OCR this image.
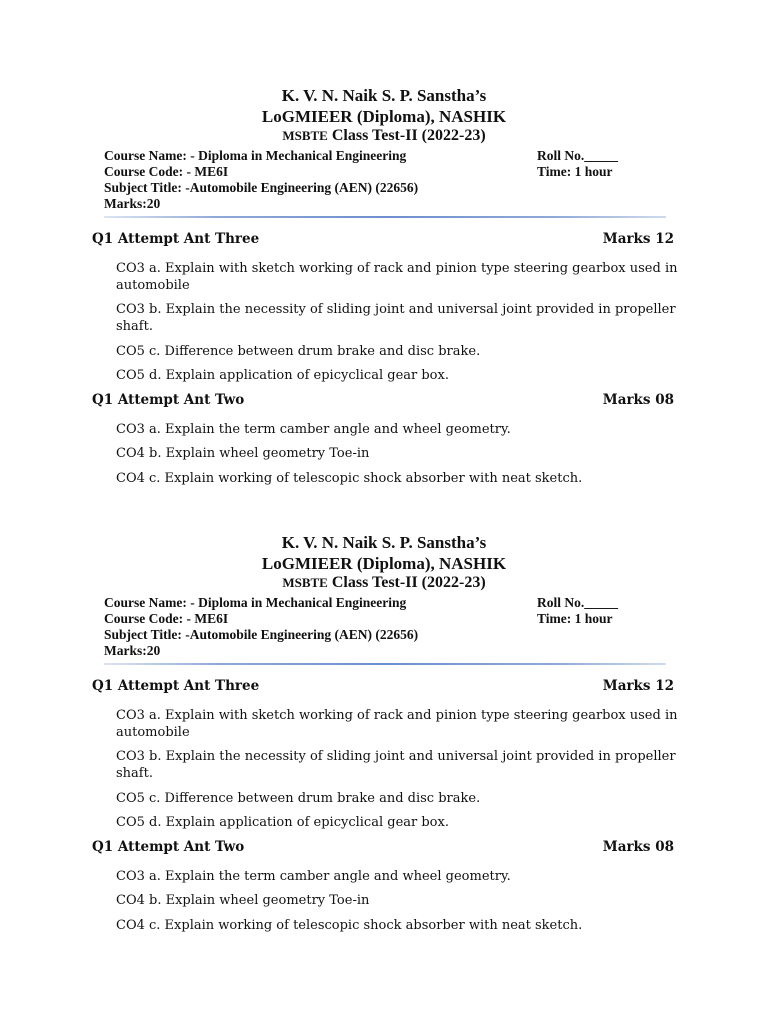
K. V. N. Naik S. P. Sanstha’s
LoGMIEER (Diploma), NASHIK
MSBTE Class Test-II (2022-23)
Course Name: - Diploma in Mechanical Engineering
Course Code: - ME6I
Subject Title: -Automobile Engineering (AEN) (22656)
Marks:20
Roll No._____
Time: 1 hour
Q1 Attempt Ant Three	Marks 12
CO3 a. Explain with sketch working of rack and pinion type steering gearbox used in automobile
CO3 b. Explain the necessity of sliding joint and universal joint provided in propeller shaft.
CO5 c. Difference between drum brake and disc brake.
CO5 d. Explain application of epicyclical gear box.
Q1 Attempt Ant Two	Marks 08
CO3 a. Explain the term camber angle and wheel geometry.
CO4 b. Explain wheel geometry Toe-in
CO4 c. Explain working of telescopic shock absorber with neat sketch.
K. V. N. Naik S. P. Sanstha’s
LoGMIEER (Diploma), NASHIK
MSBTE Class Test-II (2022-23)
Course Name: - Diploma in Mechanical Engineering
Course Code: - ME6I
Subject Title: -Automobile Engineering (AEN) (22656)
Marks:20
Roll No._____
Time: 1 hour
Q1 Attempt Ant Three	Marks 12
CO3 a. Explain with sketch working of rack and pinion type steering gearbox used in automobile
CO3 b. Explain the necessity of sliding joint and universal joint provided in propeller shaft.
CO5 c. Difference between drum brake and disc brake.
CO5 d. Explain application of epicyclical gear box.
Q1 Attempt Ant Two	Marks 08
CO3 a. Explain the term camber angle and wheel geometry.
CO4 b. Explain wheel geometry Toe-in
CO4 c. Explain working of telescopic shock absorber with neat sketch.
